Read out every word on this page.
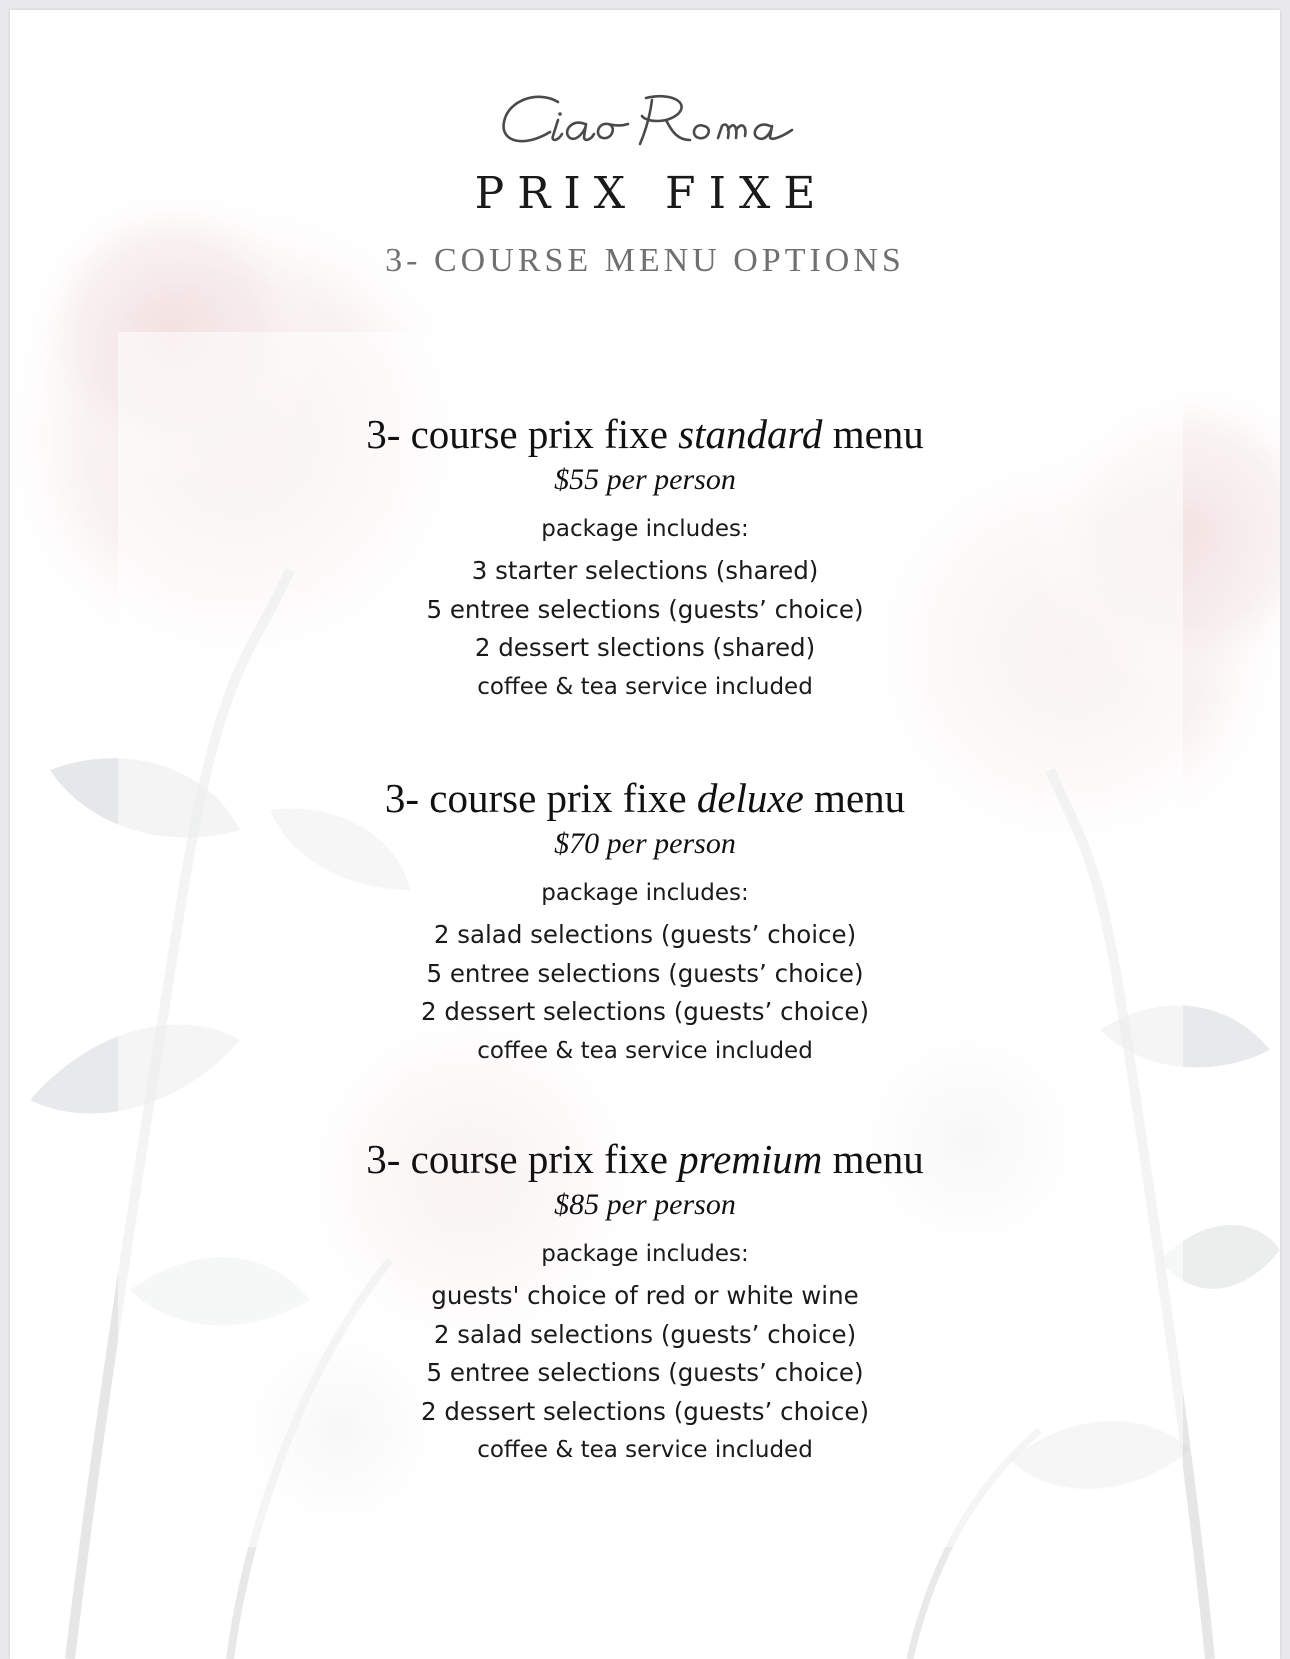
PRIX FIXE
3- COURSE MENU OPTIONS
3- course prix fixe standard menu
$55 per person
package includes:
3 starter selections (shared)
5 entree selections (guests’ choice)
2 dessert slections (shared)
coffee & tea service included
3- course prix fixe deluxe menu
$70 per person
package includes:
2 salad selections (guests’ choice)
5 entree selections (guests’ choice)
2 dessert selections (guests’ choice)
coffee & tea service included
3- course prix fixe premium menu
$85 per person
package includes:
guests' choice of red or white wine
2 salad selections (guests’ choice)
5 entree selections (guests’ choice)
2 dessert selections (guests’ choice)
coffee & tea service included
